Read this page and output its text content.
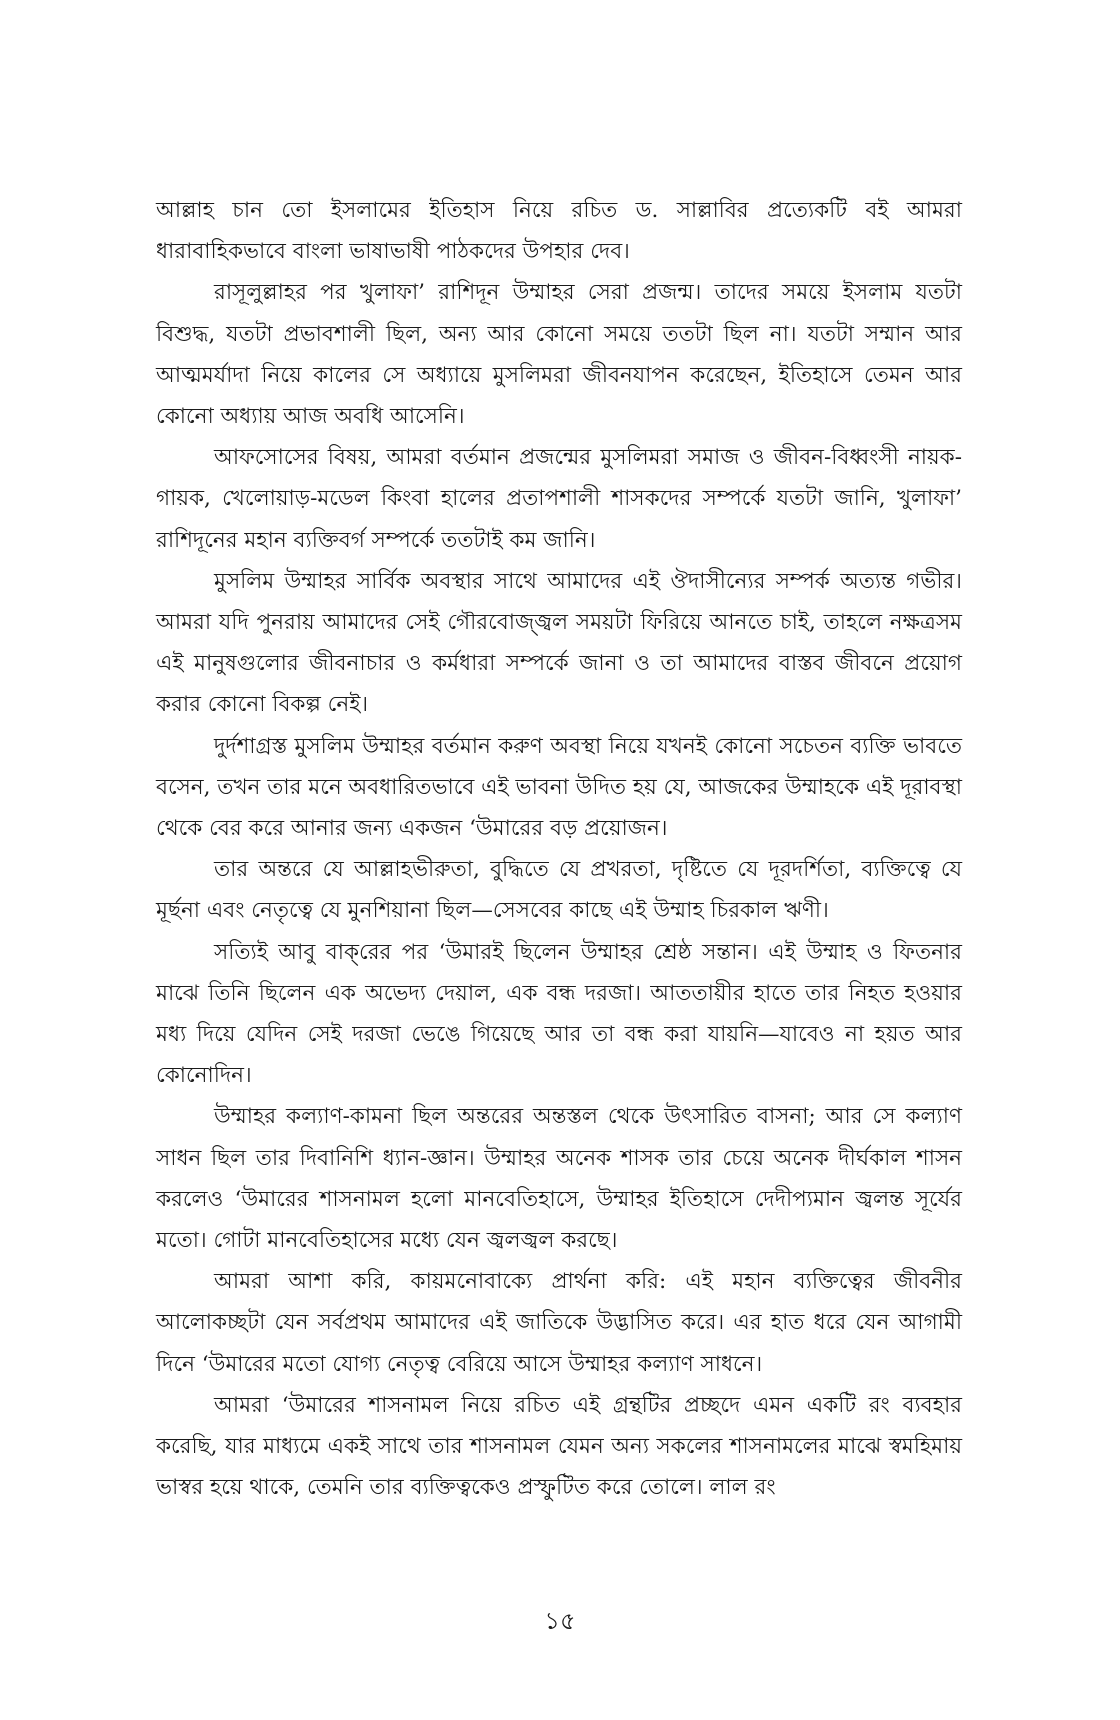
আল্লাহ চান তো ইসলামের ইতিহাস নিয়ে রচিত ড. সাল্লাবির প্রত্যেকটি বই আমরা ধারাবাহিকভাবে বাংলা ভাষাভাষী পাঠকদের উপহার দেব।

রাসূলুল্লাহর পর খুলাফা’ রাশিদূন উম্মাহর সেরা প্রজন্ম। তাদের সময়ে ইসলাম যতটা বিশুদ্ধ, যতটা প্রভাবশালী ছিল, অন্য আর কোনো সময়ে ততটা ছিল না। যতটা সম্মান আর আত্মমর্যাদা নিয়ে কালের সে অধ্যায়ে মুসলিমরা জীবনযাপন করেছেন, ইতিহাসে তেমন আর কোনো অধ্যায় আজ অবধি আসেনি।

আফসোসের বিষয়, আমরা বর্তমান প্রজন্মের মুসলিমরা সমাজ ও জীবন-বিধ্বংসী নায়ক-গায়ক, খেলোয়াড়-মডেল কিংবা হালের প্রতাপশালী শাসকদের সম্পর্কে যতটা জানি, খুলাফা’ রাশিদূনের মহান ব্যক্তিবর্গ সম্পর্কে ততটাই কম জানি।

মুসলিম উম্মাহর সার্বিক অবস্থার সাথে আমাদের এই ঔদাসীন্যের সম্পর্ক অত্যন্ত গভীর। আমরা যদি পুনরায় আমাদের সেই গৌরবোজ্জ্বল সময়টা ফিরিয়ে আনতে চাই, তাহলে নক্ষত্রসম এই মানুষগুলোর জীবনাচার ও কর্মধারা সম্পর্কে জানা ও তা আমাদের বাস্তব জীবনে প্রয়োগ করার কোনো বিকল্প নেই।

দুর্দশাগ্রস্ত মুসলিম উম্মাহর বর্তমান করুণ অবস্থা নিয়ে যখনই কোনো সচেতন ব্যক্তি ভাবতে বসেন, তখন তার মনে অবধারিতভাবে এই ভাবনা উদিত হয় যে, আজকের উম্মাহকে এই দূরাবস্থা থেকে বের করে আনার জন্য একজন ‘উমারের বড় প্রয়োজন।

তার অন্তরে যে আল্লাহভীরুতা, বুদ্ধিতে যে প্রখরতা, দৃষ্টিতে যে দূরদর্শিতা, ব্যক্তিত্বে যে মূর্ছনা এবং নেতৃত্বে যে মুনশিয়ানা ছিল—সেসবের কাছে এই উম্মাহ চিরকাল ঋণী।

সত্যিই আবু বাক্‌রের পর ‘উমারই ছিলেন উম্মাহর শ্রেষ্ঠ সন্তান। এই উম্মাহ ও ফিতনার মাঝে তিনি ছিলেন এক অভেদ্য দেয়াল, এক বন্ধ দরজা। আততায়ীর হাতে তার নিহত হওয়ার মধ্য দিয়ে যেদিন সেই দরজা ভেঙে গিয়েছে আর তা বন্ধ করা যায়নি—যাবেও না হয়ত আর কোনোদিন।

উম্মাহর কল্যাণ-কামনা ছিল অন্তরের অন্তস্তল থেকে উৎসারিত বাসনা; আর সে কল্যাণ সাধন ছিল তার দিবানিশি ধ্যান-জ্ঞান। উম্মাহর অনেক শাসক তার চেয়ে অনেক দীর্ঘকাল শাসন করলেও ‘উমারের শাসনামল হলো মানবেতিহাসে, উম্মাহর ইতিহাসে দেদীপ্যমান জ্বলন্ত সূর্যের মতো। গোটা মানবেতিহাসের মধ্যে যেন জ্বলজ্বল করছে।

আমরা আশা করি, কায়মনোবাক্যে প্রার্থনা করি: এই মহান ব্যক্তিত্বের জীবনীর আলোকচ্ছটা যেন সর্বপ্রথম আমাদের এই জাতিকে উদ্ভাসিত করে। এর হাত ধরে যেন আগামী দিনে ‘উমারের মতো যোগ্য নেতৃত্ব বেরিয়ে আসে উম্মাহর কল্যাণ সাধনে।

আমরা ‘উমারের শাসনামল নিয়ে রচিত এই গ্রন্থটির প্রচ্ছদে এমন একটি রং ব্যবহার করেছি, যার মাধ্যমে একই সাথে তার শাসনামল যেমন অন্য সকলের শাসনামলের মাঝে স্বমহিমায় ভাস্বর হয়ে থাকে, তেমনি তার ব্যক্তিত্বকেও প্রস্ফুটিত করে তোলে। লাল রং

১৫
